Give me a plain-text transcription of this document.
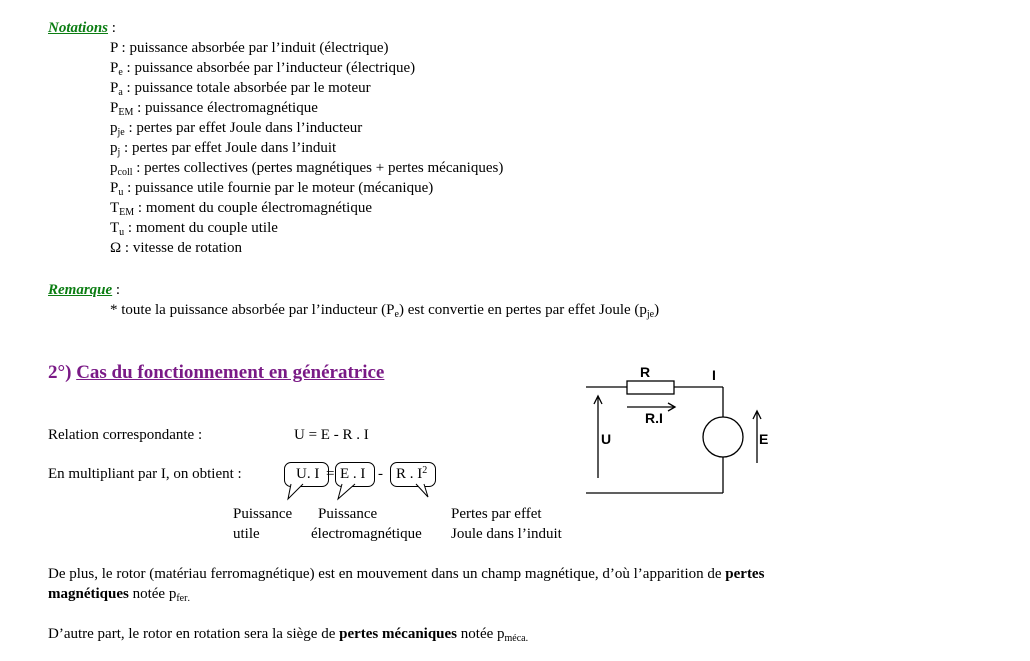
Notations :
P : puissance absorbée par l’induit (électrique)
$P_e$ : puissance absorbée par l’inducteur (électrique)
$P_a$ : puissance totale absorbée par le moteur
$P_{EM}$ : puissance électromagnétique
$p_{je}$ : pertes par effet Joule dans l’inducteur
$p_j$ : pertes par effet Joule dans l’induit
$p_{coll}$ : pertes collectives (pertes magnétiques + pertes mécaniques)
$P_u$ : puissance utile fournie par le moteur (mécanique)
$T_{EM}$ : moment du couple électromagnétique
$T_u$ : moment du couple utile
Ω : vitesse de rotation
Remarque :
* toute la puissance absorbée par l’inducteur $(P_e)$ est convertie en pertes par effet Joule $(p_{je})$
2°) Cas du fonctionnement en génératrice
Relation correspondante :	U = E - R . I
En multipliant par I, on obtient :	U. I = E . I - R . $I^2$
Puissance
utile
Puissance
électromagnétique
Pertes par effet
Joule dans l’induit
R	I
R.I
U	E
De plus, le rotor (matériau ferromagnétique) est en mouvement dans un champ magnétique, d’où l’apparition de pertes
magnétiques notée $p_{fer.}$
D’autre part, le rotor en rotation sera la siège de pertes mécaniques notée $p_{méca.}$
